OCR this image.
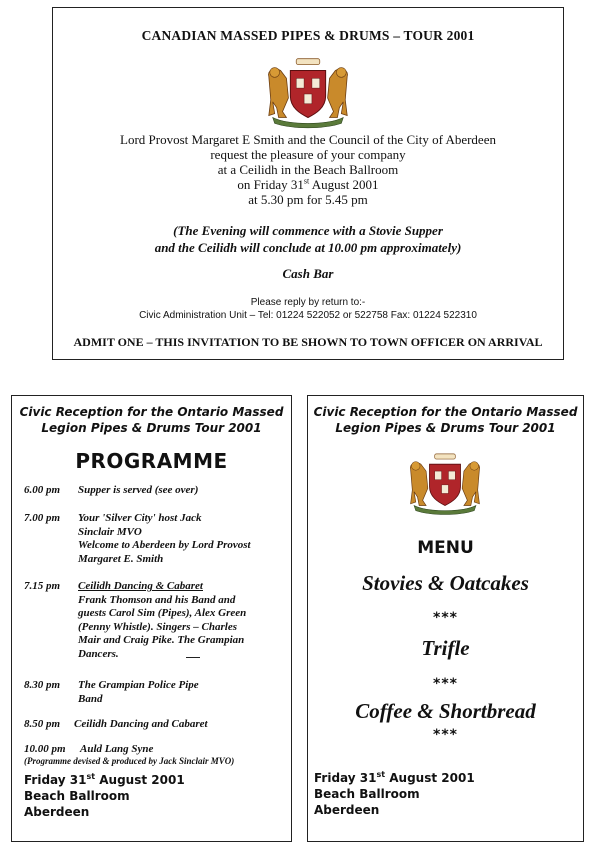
CANADIAN MASSED PIPES & DRUMS – TOUR 2001
Lord Provost Margaret E Smith and the Council of the City of Aberdeen
request the pleasure of your company
at a Ceilidh in the Beach Ballroom
on Friday 31st August 2001
at 5.30 pm for 5.45 pm
(The Evening will commence with a Stovie Supper
and the Ceilidh will conclude at 10.00 pm approximately)
Cash Bar
Please reply by return to:-
Civic Administration Unit – Tel: 01224 522052 or 522758 Fax: 01224 522310
ADMIT ONE – THIS INVITATION TO BE SHOWN TO TOWN OFFICER ON ARRIVAL
Civic Reception for the Ontario Massed
Legion Pipes & Drums Tour 2001
PROGRAMME
6.00 pm Supper is served (see over)
7.00 pm Your 'Silver City' host Jack
Sinclair MVO
Welcome to Aberdeen by Lord Provost
Margaret E. Smith
7.15 pm Ceilidh Dancing & Cabaret
Frank Thomson and his Band and
guests Carol Sim (Pipes), Alex Green
(Penny Whistle). Singers – Charles
Mair and Craig Pike. The Grampian
Dancers.
8.30 pm The Grampian Police Pipe
Band
8.50 pm Ceilidh Dancing and Cabaret
10.00 pm Auld Lang Syne
(Programme devised & produced by Jack Sinclair MVO)
Friday 31st August 2001
Beach Ballroom
Aberdeen
Civic Reception for the Ontario Massed
Legion Pipes & Drums Tour 2001
MENU
Stovies & Oatcakes
***
Trifle
***
Coffee & Shortbread
***
Friday 31st August 2001
Beach Ballroom
Aberdeen
